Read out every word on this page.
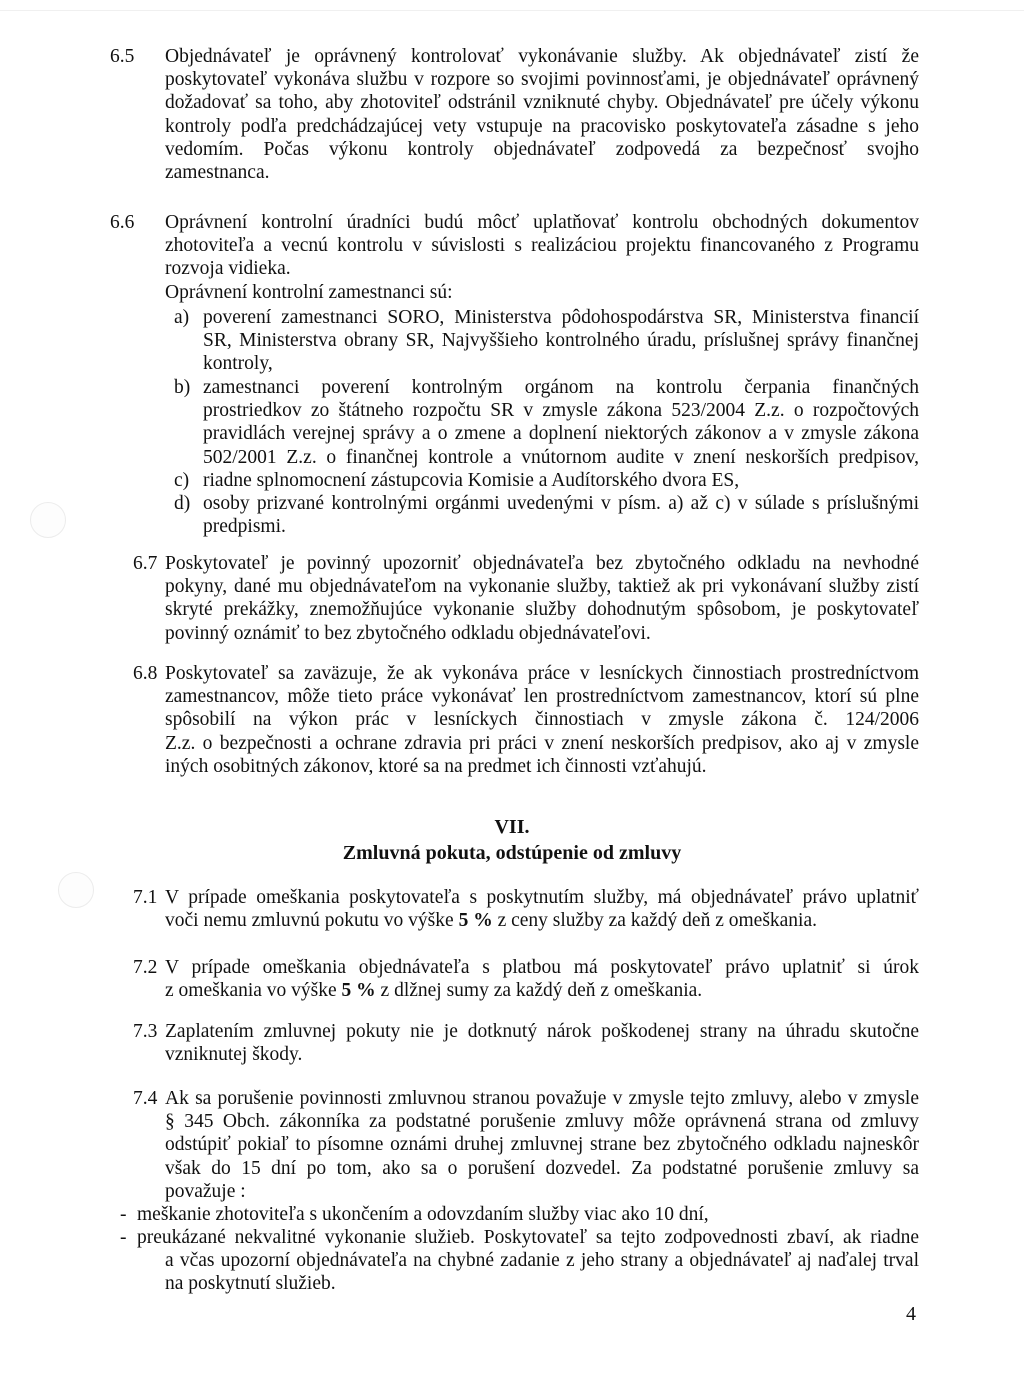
6.5 Objednávateľ je oprávnený kontrolovať vykonávanie služby. Ak objednávateľ zistí že
poskytovateľ vykonáva službu v rozpore so svojimi povinnosťami, je objednávateľ oprávnený
dožadovať sa toho, aby zhotoviteľ odstránil vzniknuté chyby. Objednávateľ pre účely výkonu
kontroly podľa predchádzajúcej vety vstupuje na pracovisko poskytovateľa zásadne s jeho
vedomím. Počas výkonu kontroly objednávateľ zodpovedá za bezpečnosť svojho
zamestnanca.
6.6 Oprávnení kontrolní úradníci budú môcť uplatňovať kontrolu obchodných dokumentov
zhotoviteľa a vecnú kontrolu v súvislosti s realizáciou projektu financovaného z Programu
rozvoja vidieka.
Oprávnení kontrolní zamestnanci sú:
a) poverení zamestnanci SORO, Ministerstva pôdohospodárstva SR, Ministerstva financií
SR, Ministerstva obrany SR, Najvyššieho kontrolného úradu, príslušnej správy finančnej
kontroly,
b) zamestnanci poverení kontrolným orgánom na kontrolu čerpania finančných
prostriedkov zo štátneho rozpočtu SR v zmysle zákona 523/2004 Z.z. o rozpočtových
pravidlách verejnej správy a o zmene a doplnení niektorých zákonov a v zmysle zákona
502/2001 Z.z. o finančnej kontrole a vnútornom audite v znení neskorších predpisov,
c) riadne splnomocnení zástupcovia Komisie a Audítorského dvora ES,
d) osoby prizvané kontrolnými orgánmi uvedenými v písm. a) až c) v súlade s príslušnými
predpismi.
6.7 Poskytovateľ je povinný upozorniť objednávateľa bez zbytočného odkladu na nevhodné
pokyny, dané mu objednávateľom na vykonanie služby, taktiež ak pri vykonávaní služby zistí
skryté prekážky, znemožňujúce vykonanie služby dohodnutým spôsobom, je poskytovateľ
povinný oznámiť to bez zbytočného odkladu objednávateľovi.
6.8 Poskytovateľ sa zaväzuje, že ak vykonáva práce v lesníckych činnostiach prostredníctvom
zamestnancov, môže tieto práce vykonávať len prostredníctvom zamestnancov, ktorí sú plne
spôsobilí na výkon prác v lesníckych činnostiach v zmysle zákona č. 124/2006
Z.z. o bezpečnosti a ochrane zdravia pri práci v znení neskorších predpisov, ako aj v zmysle
iných osobitných zákonov, ktoré sa na predmet ich činnosti vzťahujú.
VII.
Zmluvná pokuta, odstúpenie od zmluvy
7.1 V prípade omeškania poskytovateľa s poskytnutím služby, má objednávateľ právo uplatniť
voči nemu zmluvnú pokutu vo výške 5 % z ceny služby za každý deň z omeškania.
7.2 V prípade omeškania objednávateľa s platbou má poskytovateľ právo uplatniť si úrok
z omeškania vo výške 5 % z dlžnej sumy za každý deň z omeškania.
7.3 Zaplatením zmluvnej pokuty nie je dotknutý nárok poškodenej strany na úhradu skutočne
vzniknutej škody.
7.4 Ak sa porušenie povinnosti zmluvnou stranou považuje v zmysle tejto zmluvy, alebo v zmysle
§ 345 Obch. zákonníka za podstatné porušenie zmluvy môže oprávnená strana od zmluvy
odstúpiť pokiaľ to písomne oznámi druhej zmluvnej strane bez zbytočného odkladu najneskôr
však do 15 dní po tom, ako sa o porušení dozvedel. Za podstatné porušenie zmluvy sa
považuje :
- meškanie zhotoviteľa s ukončením a odovzdaním služby viac ako 10 dní,
- preukázané nekvalitné vykonanie služieb. Poskytovateľ sa tejto zodpovednosti zbaví, ak riadne
a včas upozorní objednávateľa na chybné zadanie z jeho strany a objednávateľ aj naďalej trval
na poskytnutí služieb.
4
